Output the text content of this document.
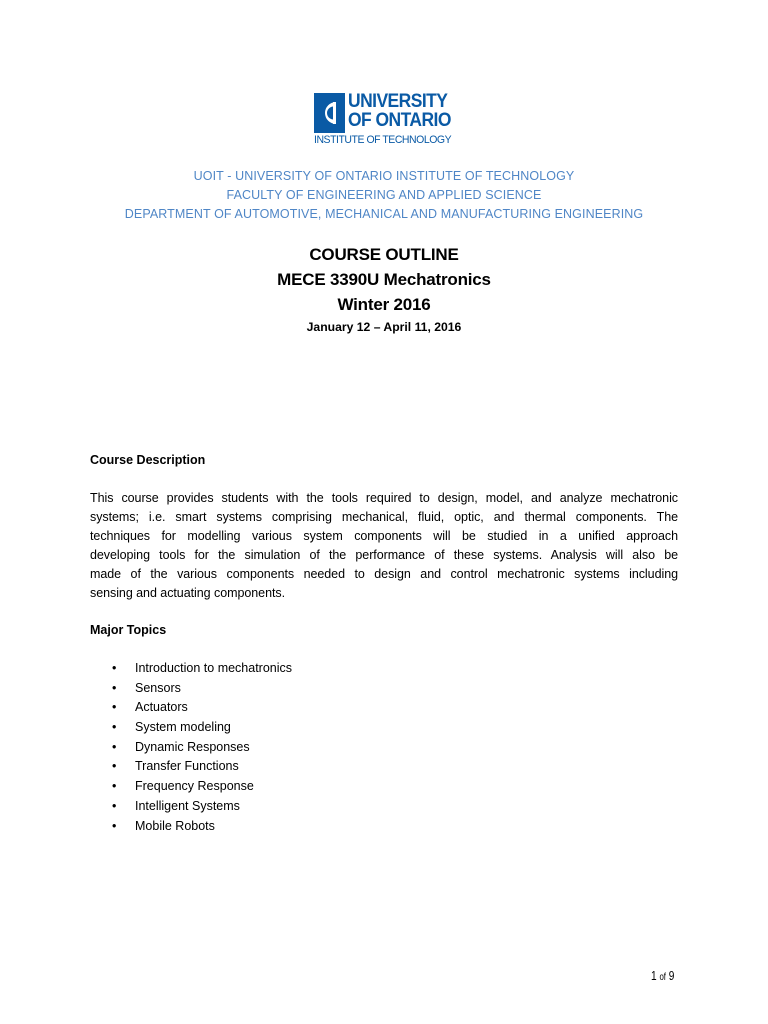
UNIVERSITY
OF ONTARIO
INSTITUTE OF TECHNOLOGY
UOIT - UNIVERSITY OF ONTARIO INSTITUTE OF TECHNOLOGY
FACULTY OF ENGINEERING AND APPLIED SCIENCE
DEPARTMENT OF AUTOMOTIVE, MECHANICAL AND MANUFACTURING ENGINEERING
COURSE OUTLINE
MECE 3390U Mechatronics
Winter 2016
January 12 – April 11, 2016
Course Description
This course provides students with the tools required to design, model, and analyze mechatronic
systems; i.e. smart systems comprising mechanical, fluid, optic, and thermal components. The
techniques for modelling various system components will be studied in a unified approach
developing tools for the simulation of the performance of these systems. Analysis will also be
made of the various components needed to design and control mechatronic systems including
sensing and actuating components.
Major Topics
• Introduction to mechatronics
• Sensors
• Actuators
• System modeling
• Dynamic Responses
• Transfer Functions
• Frequency Response
• Intelligent Systems
• Mobile Robots
1 of 9
